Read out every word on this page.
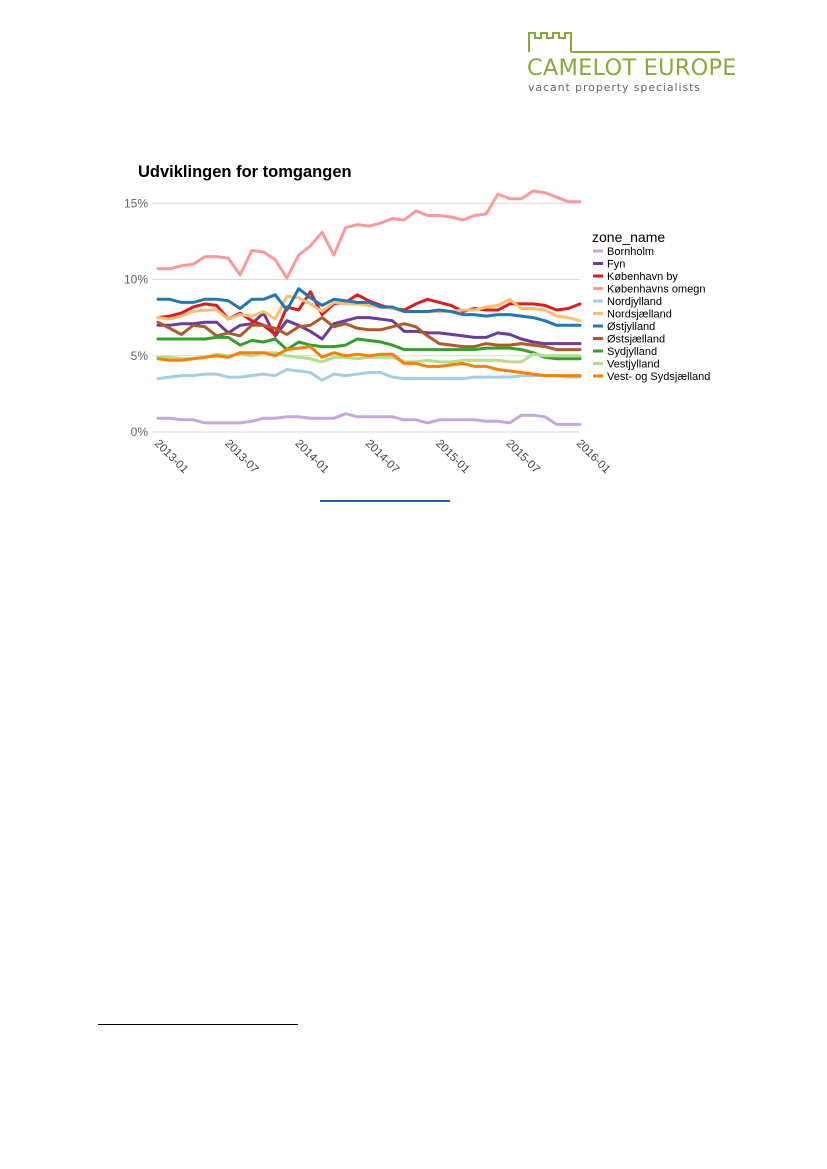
CAMELOT EUROPE
vacant property specialists
Udviklingen for tomgangen
0%
5%
10%
15%
2013-01	2013-07	2014-01	2014-07	2015-01	2015-07	2016-01
zone_name
Bornholm
Fyn
København by
Københavns omegn
Nordjylland
Nordsjælland
Østjylland
Østsjælland
Sydjylland
Vestjylland
Vest- og Sydsjælland
